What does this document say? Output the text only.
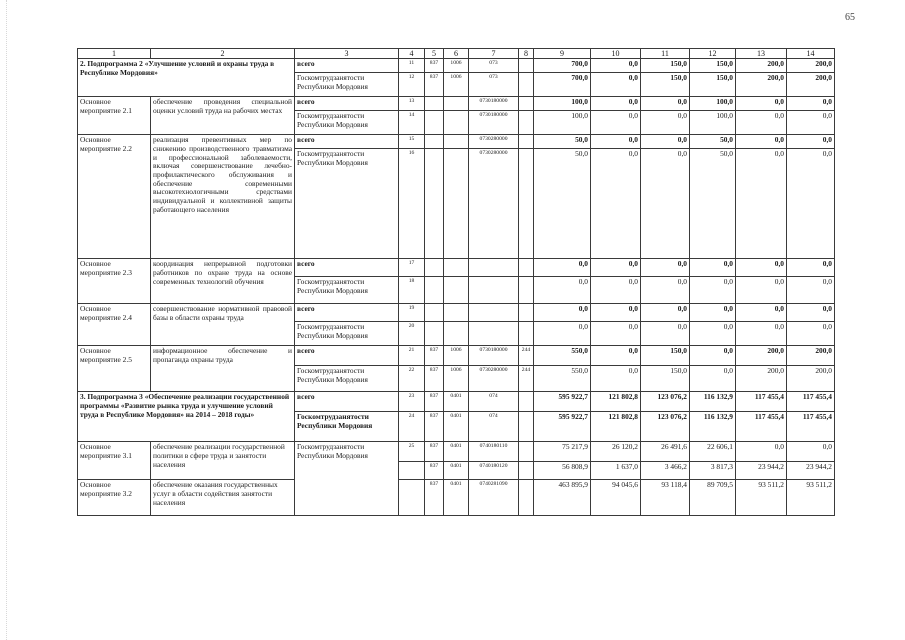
65
1	2	3	4	5	6	7	8	9	10	11	12	13	14
2. Подпрограмма 2 «Улучшение условий и охраны труда в Республике Мордовия»		всего	11	837	1006	073		700,0	0,0	150,0	150,0	200,0	200,0
		Госкомтрудзанятости Республики Мордовия	12	837	1006	073		700,0	0,0	150,0	150,0	200,0	200,0
Основное мероприятие 2.1	обеспечение проведения специальной оценки условий труда на рабочих местах	всего	13			0730180000		100,0	0,0	0,0	100,0	0,0	0,0
		Госкомтрудзанятости Республики Мордовия	14			0730180000		100,0	0,0	0,0	100,0	0,0	0,0
Основное мероприятие 2.2	реализация превентивных мер по снижению производственного травматизма и профессиональной заболеваемости, включая совершенствование лечебно-профилактического обслуживания и обеспечение современными высокотехнологичными средствами индивидуальной и коллективной защиты работающего населения	всего	15			0730280000		50,0	0,0	0,0	50,0	0,0	0,0
		Госкомтрудзанятости Республики Мордовия	16			0730280000		50,0	0,0	0,0	50,0	0,0	0,0
Основное мероприятие 2.3	координация непрерывной подготовки работников по охране труда на основе современных технологий обучения	всего	17					0,0	0,0	0,0	0,0	0,0	0,0
		Госкомтрудзанятости Республики Мордовия	18					0,0	0,0	0,0	0,0	0,0	0,0
Основное мероприятие 2.4	совершенствование нормативной правовой базы в области охраны труда	всего	19					0,0	0,0	0,0	0,0	0,0	0,0
		Госкомтрудзанятости Республики Мордовия	20					0,0	0,0	0,0	0,0	0,0	0,0
Основное мероприятие 2.5	информационное обеспечение и пропаганда охраны труда	всего	21	837	1006	0730180000	244	550,0	0,0	150,0	0,0	200,0	200,0
		Госкомтрудзанятости Республики Мордовия	22	837	1006	0730280000	244	550,0	0,0	150,0	0,0	200,0	200,0
3. Подпрограмма 3 «Обеспечение реализации государственной программы «Развитие рынка труда и улучшение условий труда в Республике Мордовия» на 2014 – 2018 годы»		всего	23	837	0401	074		595 922,7	121 802,8	123 076,2	116 132,9	117 455,4	117 455,4
		Госкомтрудзанятости Республики Мордовия	24	837	0401	074		595 922,7	121 802,8	123 076,2	116 132,9	117 455,4	117 455,4
Основное мероприятие 3.1	обеспечение реализации государственной политики в сфере труда и занятости населения	Госкомтрудзанятости Республики Мордовия	25	837	0401	0740180110		75 217,9	26 120,2	26 491,6	22 606,1	0,0	0,0
				837	0401	0740180120		56 808,9	1 637,0	3 466,2	3 817,3	23 944,2	23 944,2
Основное мероприятие 3.2	обеспечение оказания государственных услуг в области содействия занятости населения			837	0401	0740281090		463 895,9	94 045,6	93 118,4	89 709,5	93 511,2	93 511,2
